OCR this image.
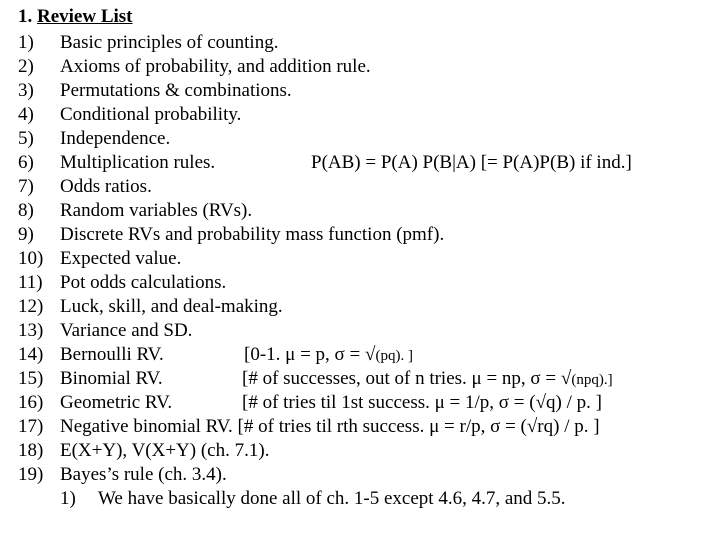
1. Review List
1) Basic principles of counting.
2) Axioms of probability, and addition rule.
3) Permutations & combinations.
4) Conditional probability.
5) Independence.
6) Multiplication rules.	P(AB) = P(A) P(B|A) [= P(A)P(B) if ind.]
7) Odds ratios.
8) Random variables (RVs).
9) Discrete RVs and probability mass function (pmf).
10) Expected value.
11) Pot odds calculations.
12) Luck, skill, and deal-making.
13) Variance and SD.
14) Bernoulli RV.	[0-1. μ = p, σ = √(pq). ]
15) Binomial RV.	[# of successes, out of n tries. μ = np, σ = √(npq).]
16) Geometric RV.	[# of tries til 1st success. μ = 1/p, σ = (√q) / p. ]
17) Negative binomial RV. [# of tries til rth success. μ = r/p, σ = (√rq) / p. ]
18) E(X+Y), V(X+Y) (ch. 7.1).
19) Bayes’s rule (ch. 3.4).
1) We have basically done all of ch. 1-5 except 4.6, 4.7, and 5.5.
